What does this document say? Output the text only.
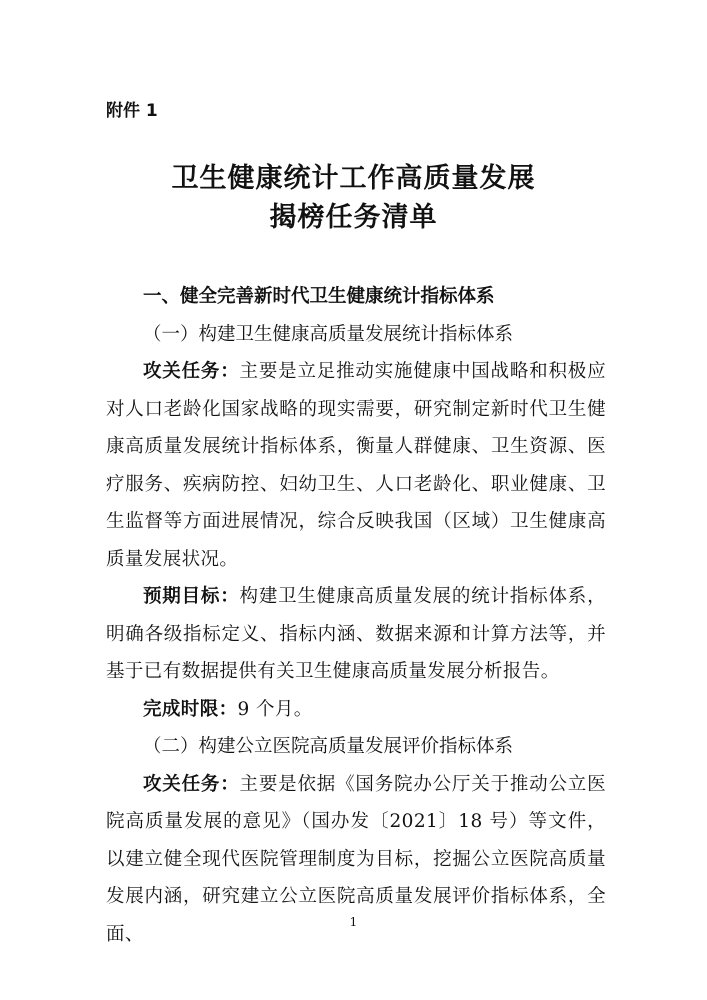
附件 1

卫生健康统计工作高质量发展
揭榜任务清单

一、健全完善新时代卫生健康统计指标体系

（一）构建卫生健康高质量发展统计指标体系

攻关任务：主要是立足推动实施健康中国战略和积极应对人口老龄化国家战略的现实需要，研究制定新时代卫生健康高质量发展统计指标体系，衡量人群健康、卫生资源、医疗服务、疾病防控、妇幼卫生、人口老龄化、职业健康、卫生监督等方面进展情况，综合反映我国（区域）卫生健康高质量发展状况。

预期目标：构建卫生健康高质量发展的统计指标体系，明确各级指标定义、指标内涵、数据来源和计算方法等，并基于已有数据提供有关卫生健康高质量发展分析报告。

完成时限：9 个月。

（二）构建公立医院高质量发展评价指标体系

攻关任务：主要是依据《国务院办公厅关于推动公立医院高质量发展的意见》（国办发〔2021〕18 号）等文件，以建立健全现代医院管理制度为目标，挖掘公立医院高质量发展内涵，研究建立公立医院高质量发展评价指标体系，全面、

1
